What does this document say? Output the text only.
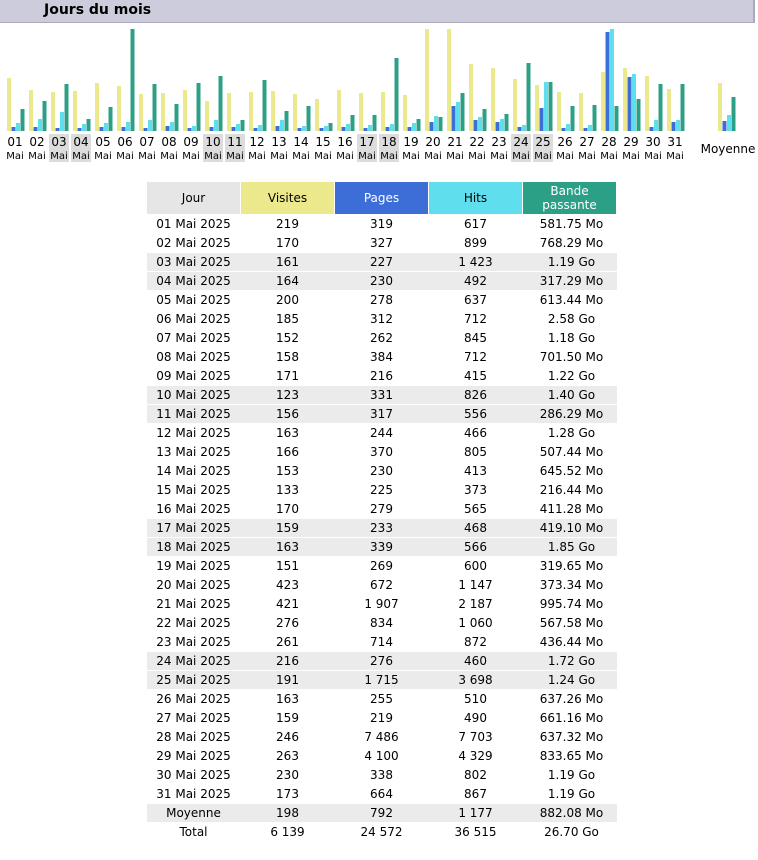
Jours du mois
01
Mai
02
Mai
03
Mai
04
Mai
05
Mai
06
Mai
07
Mai
08
Mai
09
Mai
10
Mai
11
Mai
12
Mai
13
Mai
14
Mai
15
Mai
16
Mai
17
Mai
18
Mai
19
Mai
20
Mai
21
Mai
22
Mai
23
Mai
24
Mai
25
Mai
26
Mai
27
Mai
28
Mai
29
Mai
30
Mai
31
Mai
Moyenne
Jour	Visites	Pages	Hits	Bande passante
01 Mai 2025	219	319	617	581.75 Mo
02 Mai 2025	170	327	899	768.29 Mo
03 Mai 2025	161	227	1 423	1.19 Go
04 Mai 2025	164	230	492	317.29 Mo
05 Mai 2025	200	278	637	613.44 Mo
06 Mai 2025	185	312	712	2.58 Go
07 Mai 2025	152	262	845	1.18 Go
08 Mai 2025	158	384	712	701.50 Mo
09 Mai 2025	171	216	415	1.22 Go
10 Mai 2025	123	331	826	1.40 Go
11 Mai 2025	156	317	556	286.29 Mo
12 Mai 2025	163	244	466	1.28 Go
13 Mai 2025	166	370	805	507.44 Mo
14 Mai 2025	153	230	413	645.52 Mo
15 Mai 2025	133	225	373	216.44 Mo
16 Mai 2025	170	279	565	411.28 Mo
17 Mai 2025	159	233	468	419.10 Mo
18 Mai 2025	163	339	566	1.85 Go
19 Mai 2025	151	269	600	319.65 Mo
20 Mai 2025	423	672	1 147	373.34 Mo
21 Mai 2025	421	1 907	2 187	995.74 Mo
22 Mai 2025	276	834	1 060	567.58 Mo
23 Mai 2025	261	714	872	436.44 Mo
24 Mai 2025	216	276	460	1.72 Go
25 Mai 2025	191	1 715	3 698	1.24 Go
26 Mai 2025	163	255	510	637.26 Mo
27 Mai 2025	159	219	490	661.16 Mo
28 Mai 2025	246	7 486	7 703	637.32 Mo
29 Mai 2025	263	4 100	4 329	833.65 Mo
30 Mai 2025	230	338	802	1.19 Go
31 Mai 2025	173	664	867	1.19 Go
Moyenne	198	792	1 177	882.08 Mo
Total	6 139	24 572	36 515	26.70 Go
